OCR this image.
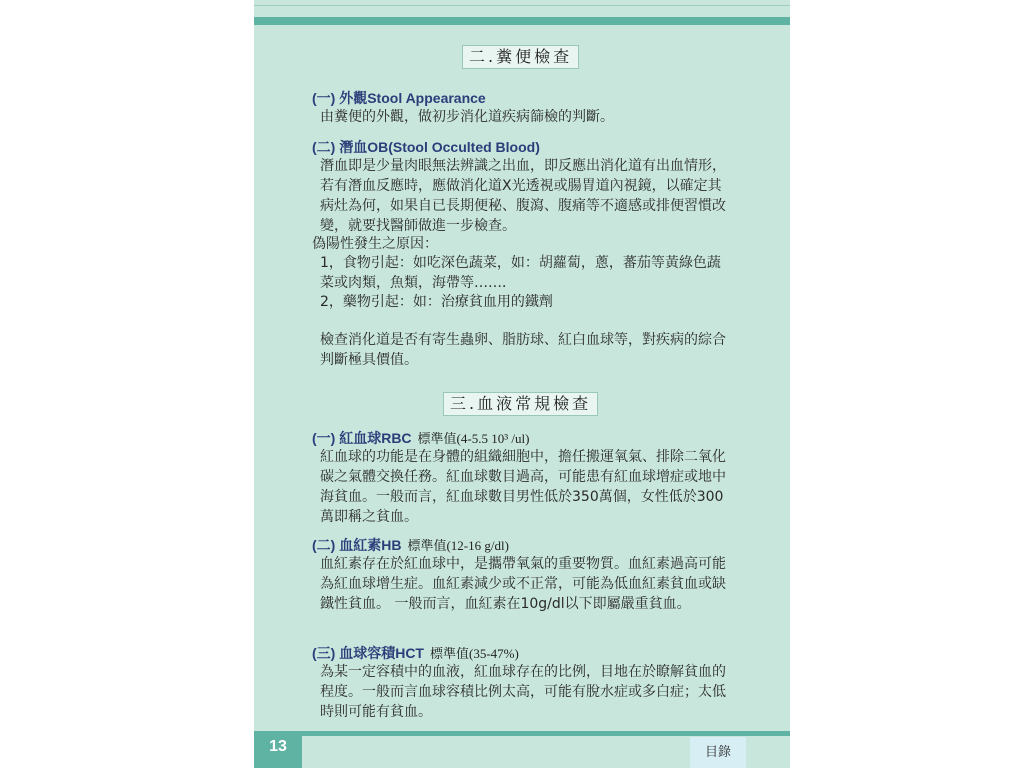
二.糞便檢查
(一) 外觀Stool Appearance

由糞便的外觀，做初步消化道疾病篩檢的判斷。

(二) 潛血OB(Stool Occulted Blood)

潛血即是少量肉眼無法辨識之出血，即反應出消化道有出血情形，若有潛血反應時，應做消化道X光透視或腸胃道內視鏡，以確定其病灶為何，如果自已長期便秘、腹瀉、腹痛等不適感或排便習慣改變，就要找醫師做進一步檢查。

偽陽性發生之原因：

1，食物引起：如吃深色蔬菜，如：胡蘿蔔，蔥，蕃茄等黃綠色蔬菜或肉類，魚類，海帶等……．

2，藥物引起：如：治療貧血用的鐵劑

檢查消化道是否有寄生蟲卵、脂肪球、紅白血球等，對疾病的綜合判斷極具價值。

三.血液常規檢查
(一) 紅血球RBC 標準值(4-5.5 10³ /ul)

紅血球的功能是在身體的組織細胞中，擔任搬運氧氣、排除二氧化碳之氣體交換任務。紅血球數目過高，可能患有紅血球增症或地中海貧血。一般而言，紅血球數目男性低於350萬個，女性低於300萬即稱之貧血。

(二) 血紅素HB 標準值(12-16 g/dl)

血紅素存在於紅血球中，是攜帶氧氣的重要物質。血紅素過高可能為紅血球增生症。血紅素減少或不正常，可能為低血紅素貧血或缺鐵性貧血。 一般而言，血紅素在10g/dl以下即屬嚴重貧血。

(三) 血球容積HCT 標準值(35-47%)

為某一定容積中的血液，紅血球存在的比例，目地在於瞭解貧血的程度。一般而言血球容積比例太高，可能有脫水症或多白症；太低時則可能有貧血。

13	目錄
